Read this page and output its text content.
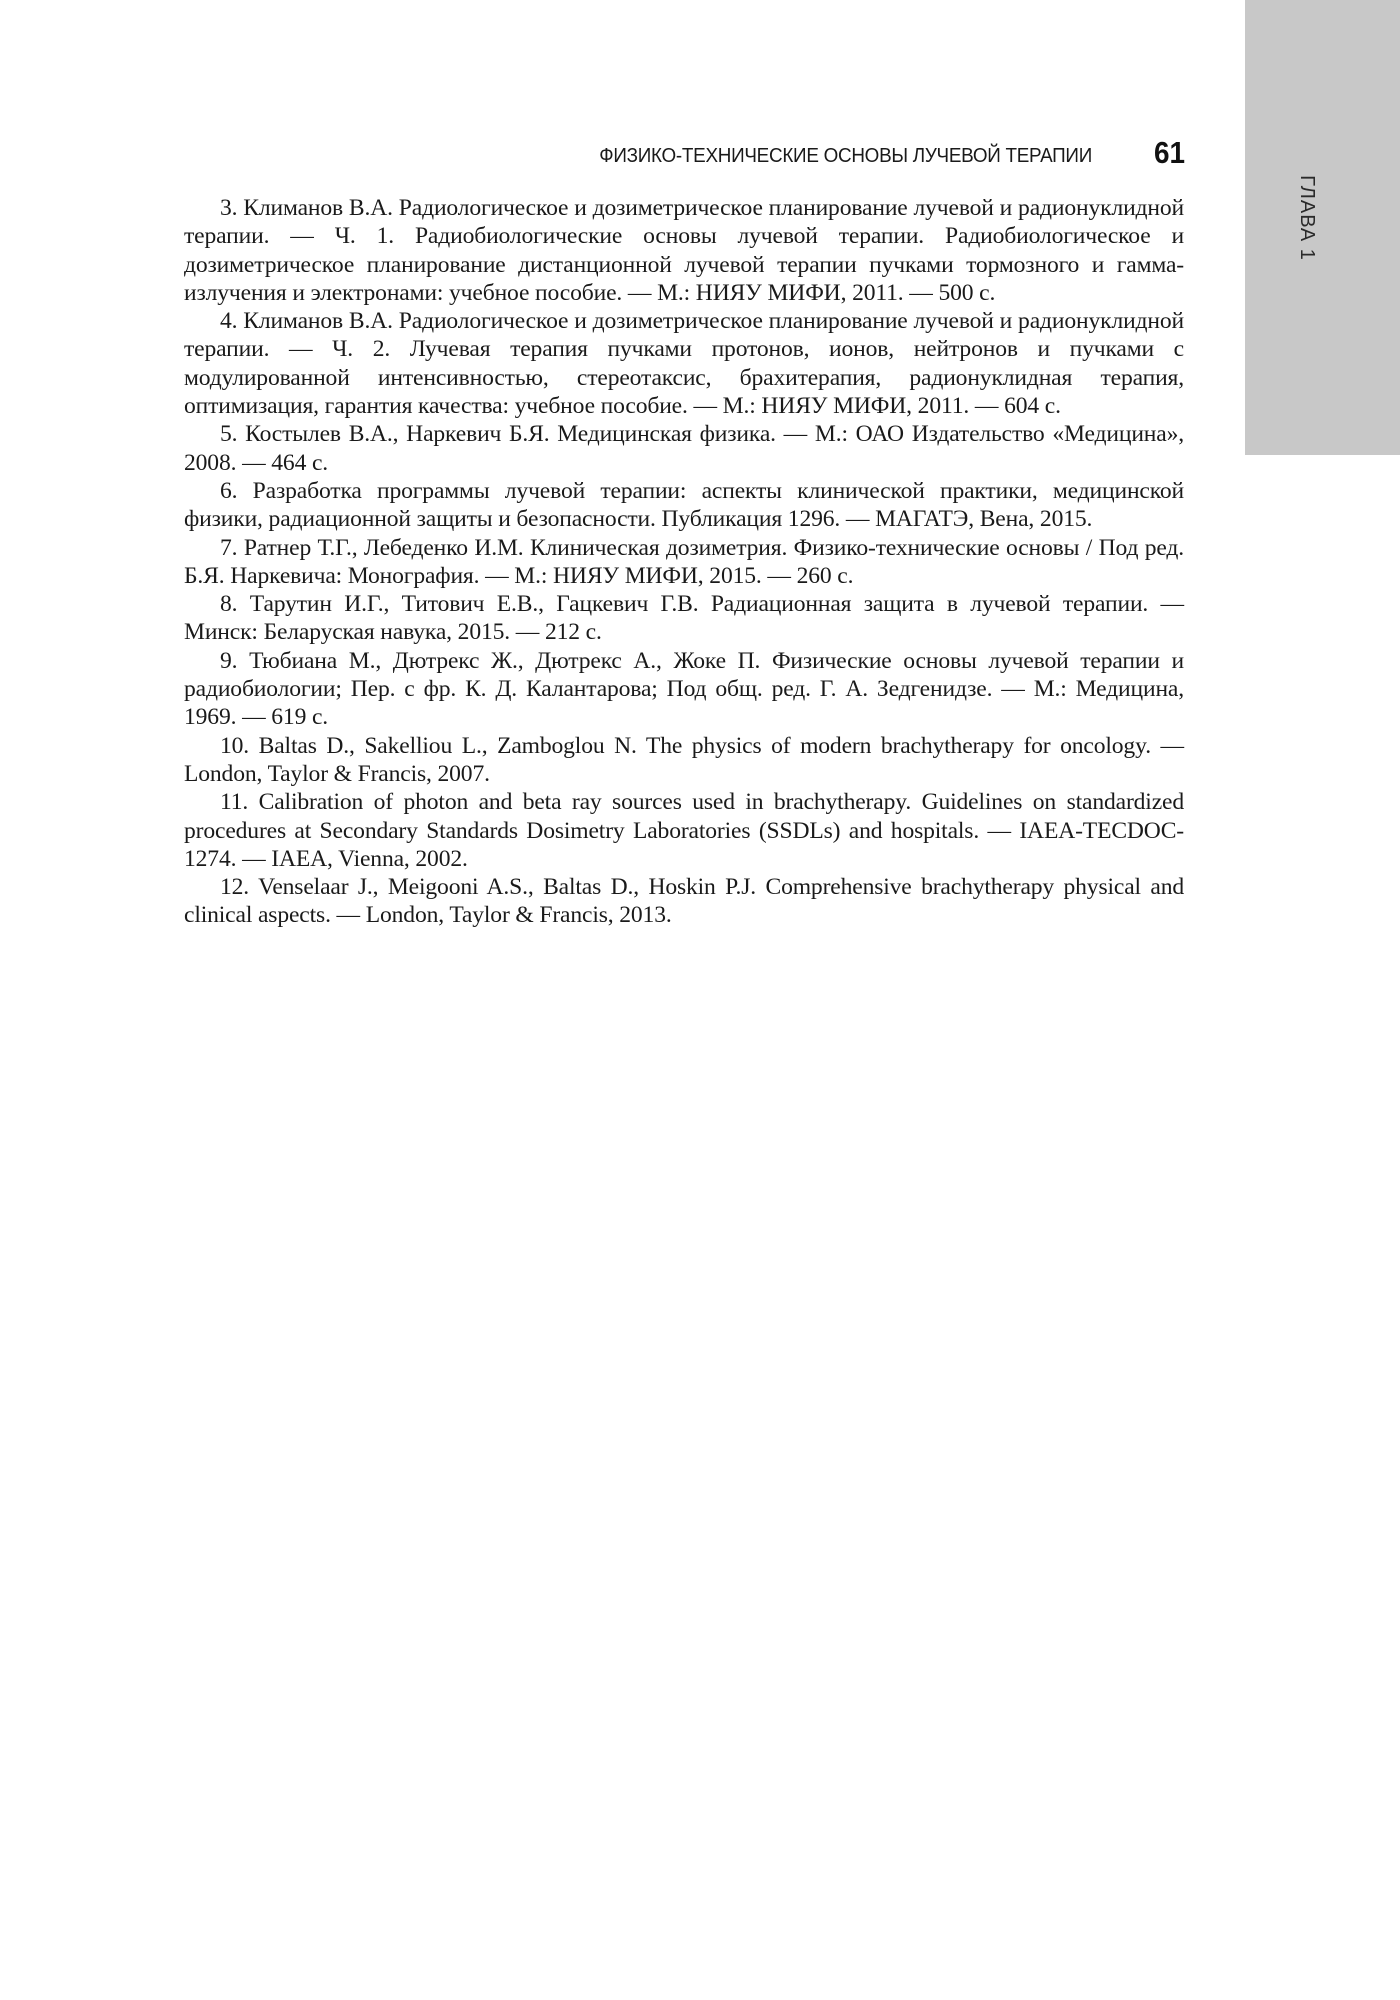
ГЛАВА 1
ФИЗИКО-ТЕХНИЧЕСКИЕ ОСНОВЫ ЛУЧЕВОЙ ТЕРАПИИ	61
3. Климанов В.А. Радиологическое и дозиметрическое планирование лучевой и радионуклидной терапии. — Ч. 1. Радиобиологические основы лучевой терапии. Радиобиологическое и дозиметрическое планирование дистанционной лучевой терапии пучками тормозного и гамма-излучения и электронами: учебное пособие. — М.: НИЯУ МИФИ, 2011. — 500 с.
4. Климанов В.А. Радиологическое и дозиметрическое планирование лучевой и радионуклидной терапии. — Ч. 2. Лучевая терапия пучками протонов, ионов, нейтронов и пучками с модулированной интенсивностью, стереотаксис, брахитерапия, радионуклидная терапия, оптимизация, гарантия качества: учебное пособие. — М.: НИЯУ МИФИ, 2011. — 604 с.
5. Костылев В.А., Наркевич Б.Я. Медицинская физика. — М.: ОАО Издательство «Медицина», 2008. — 464 с.
6. Разработка программы лучевой терапии: аспекты клинической практики, медицинской физики, радиационной защиты и безопасности. Публикация 1296. — МАГАТЭ, Вена, 2015.
7. Ратнер Т.Г., Лебеденко И.М. Клиническая дозиметрия. Физико-технические основы / Под ред. Б.Я. Наркевича: Монография. — М.: НИЯУ МИФИ, 2015. — 260 с.
8. Тарутин И.Г., Титович Е.В., Гацкевич Г.В. Радиационная защита в лучевой терапии. — Минск: Беларуская навука, 2015. — 212 с.
9. Тюбиана М., Дютрекс Ж., Дютрекс А., Жоке П. Физические основы лучевой терапии и радиобиологии; Пер. с фр. К. Д. Калантарова; Под общ. ред. Г. А. Зедгенидзе. — М.: Медицина, 1969. — 619 с.
10. Baltas D., Sakelliou L., Zamboglou N. The physics of modern brachytherapy for oncology. — London, Taylor & Francis, 2007.
11. Calibration of photon and beta ray sources used in brachytherapy. Guidelines on standardized procedures at Secondary Standards Dosimetry Laboratories (SSDLs) and hospitals. — IAEA-TECDOC-1274. — IAEA, Vienna, 2002.
12. Venselaar J., Meigooni A.S., Baltas D., Hoskin P.J. Comprehensive brachytherapy physical and clinical aspects. — London, Taylor & Francis, 2013.
